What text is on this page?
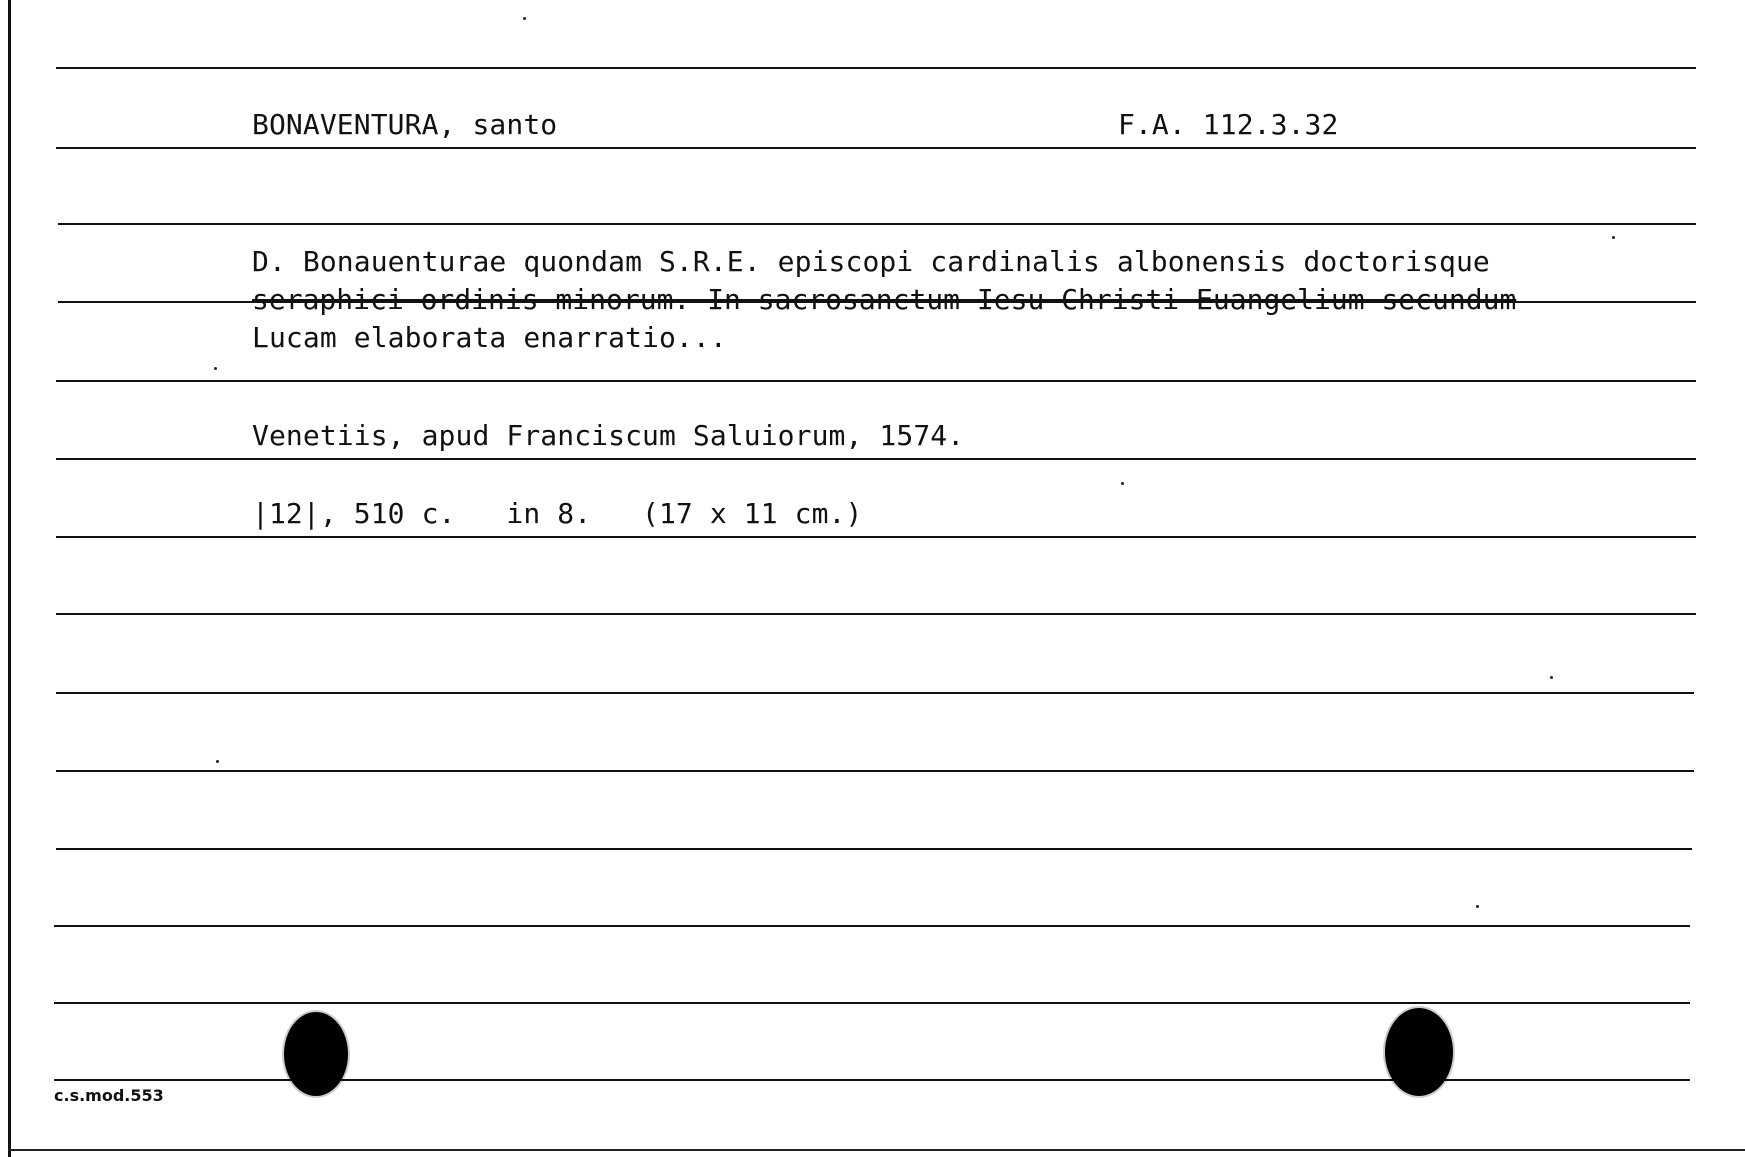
BONAVENTURA, santo	F.A. 112.3.32
D. Bonauenturae quondam S.R.E. episcopi cardinalis albonensis doctorisque
seraphici ordinis minorum. In sacrosanctum Iesu Christi Euangelium secundum
Lucam elaborata enarratio...
Venetiis, apud Franciscum Saluiorum, 1574.
|12|, 510 c.   in 8.   (17 x 11 cm.)
c.s.mod.553
